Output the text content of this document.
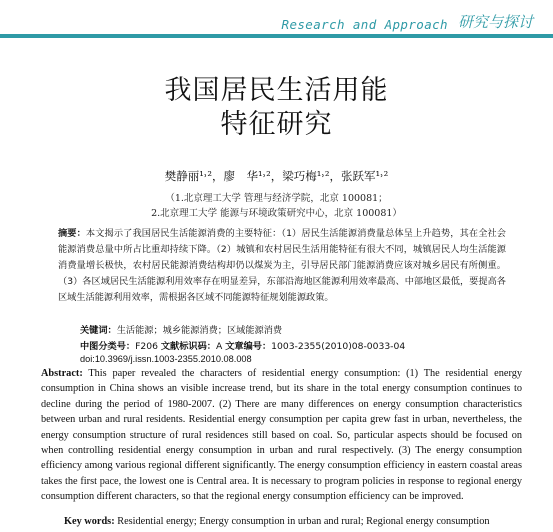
Research and Approach 研究与探讨
我国居民生活用能
特征研究
樊静丽¹˒²，廖　华¹˒²，梁巧梅¹˒²，张跃军¹˒²
（1.北京理工大学 管理与经济学院，北京 100081；
2.北京理工大学 能源与环境政策研究中心，北京 100081）
摘要：本文揭示了我国居民生活能源消费的主要特征：（1）居民生活能源消费量总体呈上升趋势，其在全社会能源消费总量中所占比重却持续下降。（2）城镇和农村居民生活用能特征有很大不同，城镇居民人均生活能源消费量增长极快，农村居民能源消费结构却仍以煤炭为主，引导居民部门能源消费应该对城乡居民有所侧重。（3）各区域居民生活能源利用效率存在明显差异，东部沿海地区能源利用效率最高、中部地区最低，要提高各区域生活能源利用效率，需根据各区域不同能源特征规划能源政策。
关键词：生活能源；城乡能源消费；区域能源消费
中图分类号：F206 文献标识码：A 文章编号：1003-2355(2010)08-0033-04
doi:10.3969/j.issn.1003-2355.2010.08.008
Abstract: This paper revealed the characters of residential energy consumption: (1) The residential energy consumption in China shows an visible increase trend, but its share in the total energy consumption continues to decline during the period of 1980-2007. (2) There are many differences on energy consumption characteristics between urban and rural residents. Residential energy consumption per capita grew fast in urban, nevertheless, the energy consumption structure of rural residences still based on coal. So, particular aspects should be focused on when controlling residential energy consumption in urban and rural respectively. (3) The energy consumption efficiency among various regional different significantly. The energy consumption efficiency in eastern coastal areas takes the first pace, the lowest one is Central area. It is necessary to program policies in response to regional energy consumption different characters, so that the regional energy consumption efficiency can be improved.
Key words: Residential energy; Energy consumption in urban and rural; Regional energy consumption
